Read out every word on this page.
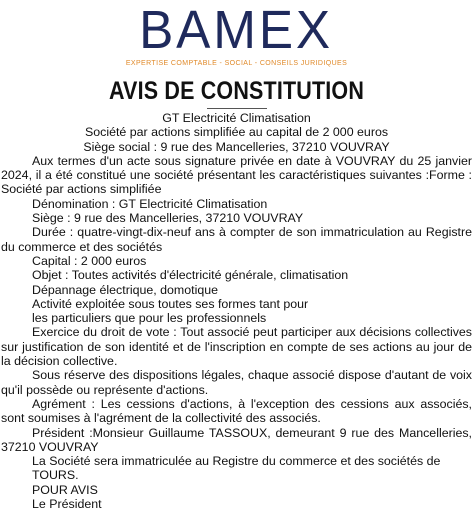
BAMEX
EXPERTISE COMPTABLE - SOCIAL - CONSEILS JURIDIQUES
AVIS DE CONSTITUTION

GT Electricité Climatisation

Société par actions simplifiée au capital de 2 000 euros

Siège social : 9 rue des Mancelleries, 37210 VOUVRAY

Aux termes d'un acte sous signature privée en date à VOUVRAY du 25 janvier 2024, il a été constitué une société présentant les caractéristiques suivantes :Forme : Société par actions simplifiée

Dénomination : GT Electricité Climatisation

Siège : 9 rue des Mancelleries, 37210 VOUVRAY

Durée : quatre-vingt-dix-neuf ans à compter de son immatriculation au Registre du commerce et des sociétés

Capital : 2 000 euros

Objet : Toutes activités d'électricité générale, climatisation

Dépannage électrique, domotique

Activité exploitée sous toutes ses formes tant pour

les particuliers que pour les professionnels

Exercice du droit de vote : Tout associé peut participer aux décisions collectives sur justification de son identité et de l'inscription en compte de ses actions au jour de la décision collective.

Sous réserve des dispositions légales, chaque associé dispose d'autant de voix qu'il possède ou représente d'actions.

Agrément : Les cessions d'actions, à l'exception des cessions aux associés, sont soumises à l'agrément de la collectivité des associés.

Président :Monsieur Guillaume TASSOUX, demeurant 9 rue des Mancelleries, 37210 VOUVRAY

La Société sera immatriculée au Registre du commerce et des sociétés de TOURS.

POUR AVIS

Le Président
